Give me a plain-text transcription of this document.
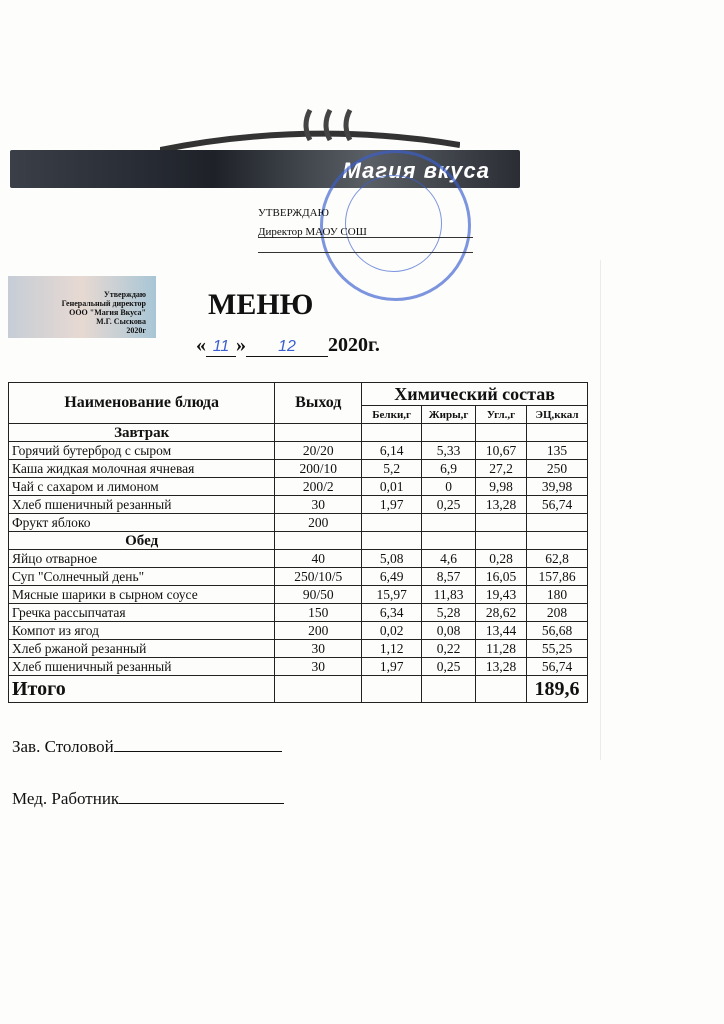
Магия вкуса
УТВЕРЖДАЮ
Директор МАОУ СОШ
Утверждаю
Генеральный директор
ООО "Магия Вкуса"
М.Г. Сыскова
2020г
МЕНЮ
« 11 » 12 2020г.
Наименование блюда	Выход	Химический состав			
		Белки,г	Жиры,г	Угл.,г	ЭЦ,ккал
Завтрак					
Горячий бутерброд с сыром	20/20	6,14	5,33	10,67	135
Каша жидкая молочная ячневая	200/10	5,2	6,9	27,2	250
Чай с сахаром и лимоном	200/2	0,01	0	9,98	39,98
Хлеб пшеничный резанный	30	1,97	0,25	13,28	56,74
Фрукт яблоко	200				
Обед					
Яйцо отварное	40	5,08	4,6	0,28	62,8
Суп "Солнечный день"	250/10/5	6,49	8,57	16,05	157,86
Мясные шарики в сырном соусе	90/50	15,97	11,83	19,43	180
Гречка рассыпчатая	150	6,34	5,28	28,62	208
Компот из ягод	200	0,02	0,08	13,44	56,68
Хлеб ржаной резанный	30	1,12	0,22	11,28	55,25
Хлеб пшеничный резанный	30	1,97	0,25	13,28	56,74
Итого					189,6
Зав. Столовой
Мед. Работник
